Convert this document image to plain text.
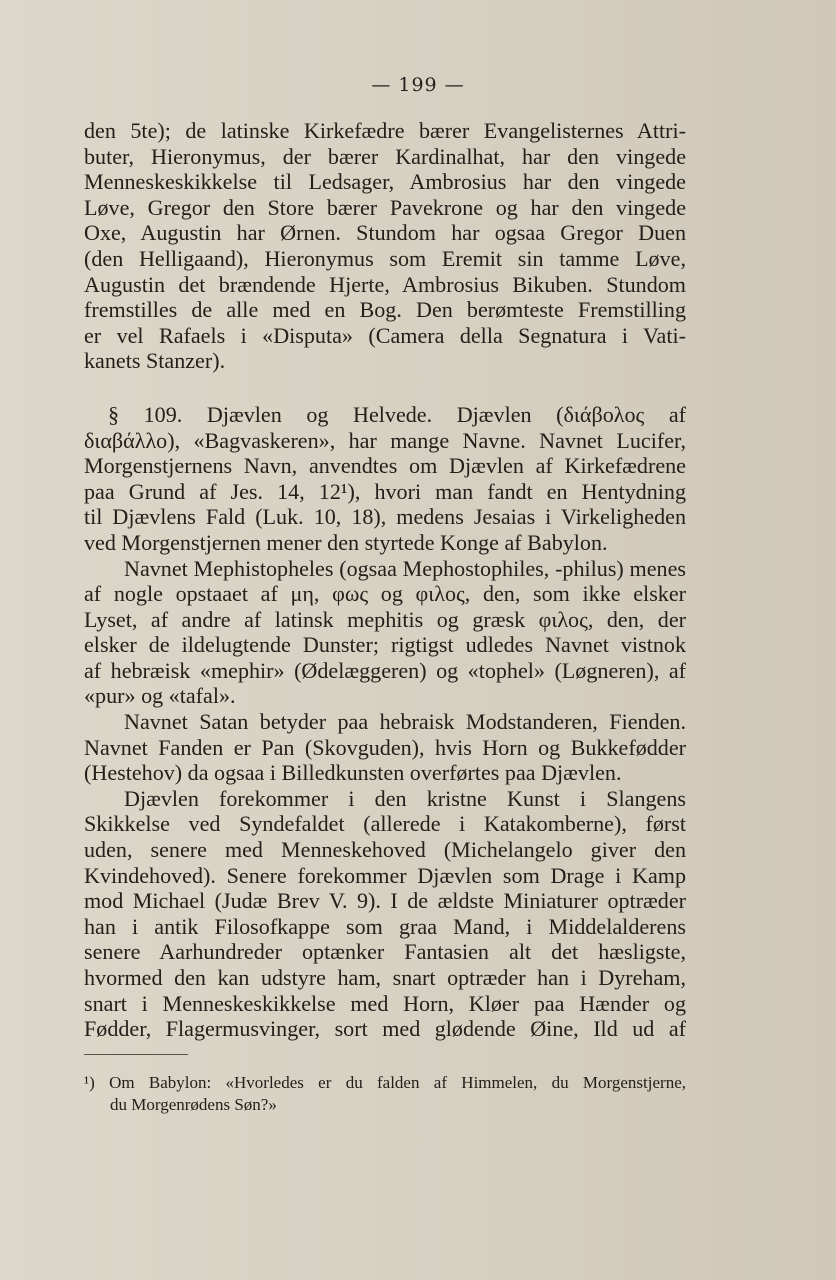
— 199 —
den 5te); de latinske Kirkefædre bærer Evangelisternes Attri-
buter, Hieronymus, der bærer Kardinalhat, har den vingede
Menneskeskikkelse til Ledsager, Ambrosius har den vingede
Løve, Gregor den Store bærer Pavekrone og har den vingede
Oxe, Augustin har Ørnen. Stundom har ogsaa Gregor Duen
(den Helligaand), Hieronymus som Eremit sin tamme Løve,
Augustin det brændende Hjerte, Ambrosius Bikuben. Stundom
fremstilles de alle med en Bog. Den berømteste Fremstilling
er vel Rafaels i «Disputa» (Camera della Segnatura i Vati-
kanets Stanzer).
§ 109. Djævlen og Helvede. Djævlen (διάβολος af
διαβάλλο), «Bagvaskeren», har mange Navne. Navnet Lucifer,
Morgenstjernens Navn, anvendtes om Djævlen af Kirkefædrene
paa Grund af Jes. 14, 12¹), hvori man fandt en Hentydning
til Djævlens Fald (Luk. 10, 18), medens Jesaias i Virkeligheden
ved Morgenstjernen mener den styrtede Konge af Babylon.
Navnet Mephistopheles (ogsaa Mephostophiles, -philus) menes
af nogle opstaaet af μη, φως og φιλος, den, som ikke elsker
Lyset, af andre af latinsk mephitis og græsk φιλος, den, der
elsker de ildelugtende Dunster; rigtigst udledes Navnet vistnok
af hebræisk «mephir» (Ødelæggeren) og «tophel» (Løgneren), af
«pur» og «tafal».
Navnet Satan betyder paa hebraisk Modstanderen, Fienden.
Navnet Fanden er Pan (Skovguden), hvis Horn og Bukkefødder
(Hestehov) da ogsaa i Billedkunsten overførtes paa Djævlen.
Djævlen forekommer i den kristne Kunst i Slangens
Skikkelse ved Syndefaldet (allerede i Katakomberne), først
uden, senere med Menneskehoved (Michelangelo giver den
Kvindehoved). Senere forekommer Djævlen som Drage i Kamp
mod Michael (Judæ Brev V. 9). I de ældste Miniaturer optræder
han i antik Filosofkappe som graa Mand, i Middelalderens
senere Aarhundreder optænker Fantasien alt det hæsligste,
hvormed den kan udstyre ham, snart optræder han i Dyreham,
snart i Menneskeskikkelse med Horn, Kløer paa Hænder og
Fødder, Flagermusvinger, sort med glødende Øine, Ild ud af
¹) Om Babylon: «Hvorledes er du falden af Himmelen, du Morgenstjerne,
du Morgenrødens Søn?»
